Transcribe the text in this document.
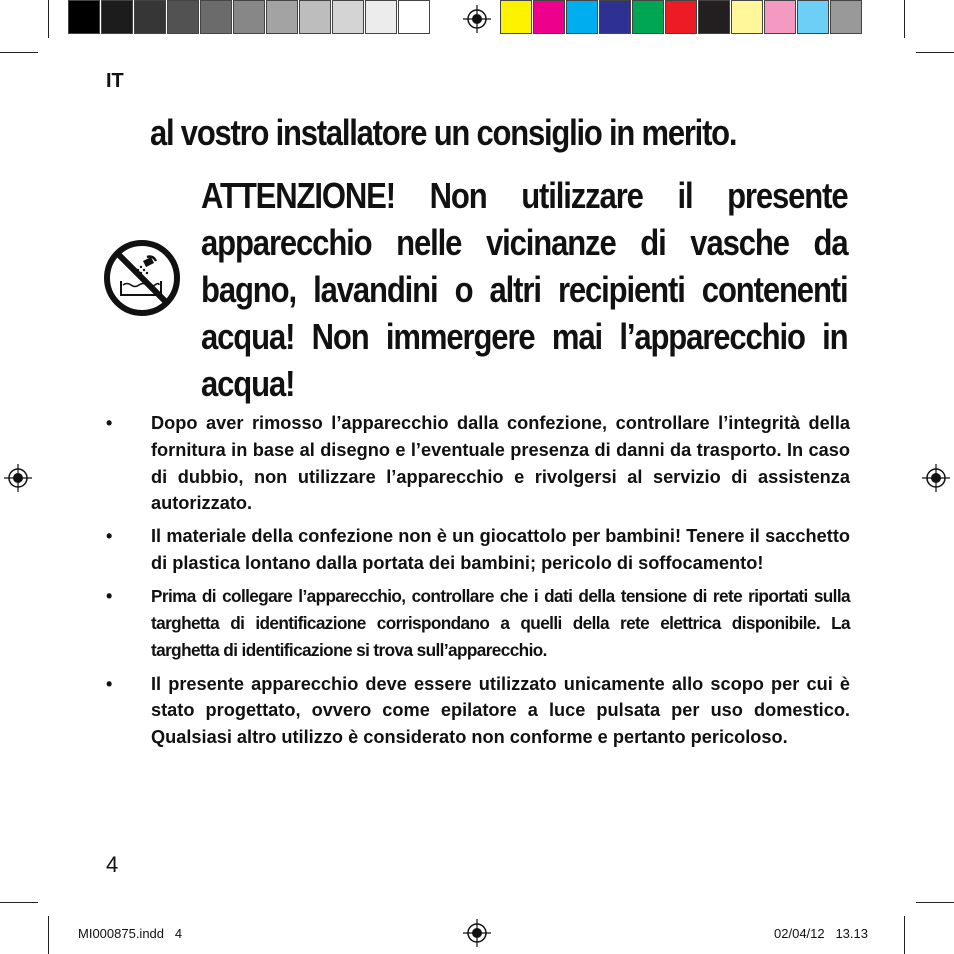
IT
al vostro installatore un consiglio in merito.
ATTENZIONE! Non utilizzare il presente apparecchio nelle vicinanze di vasche da bagno, lavandini o altri recipienti contenenti acqua! Non immergere mai l’apparecchio in acqua!
•	Dopo aver rimosso l’apparecchio dalla confezione, controllare l’integrità della fornitura in base al disegno e l’eventuale presenza di danni da trasporto. In caso di dubbio, non utilizzare l’apparecchio e rivolgersi al servizio di assistenza autorizzato.
•	Il materiale della confezione non è un giocattolo per bambini! Tenere il sacchetto di plastica lontano dalla portata dei bambini; pericolo di soffocamento!
•	Prima di collegare l’apparecchio, controllare che i dati della tensione di rete riportati sulla targhetta di identificazione corrispondano a quelli della rete elettrica disponibile. La targhetta di identificazione si trova sull’apparecchio.
•	Il presente apparecchio deve essere utilizzato unicamente allo scopo per cui è stato progettato, ovvero come epilatore a luce pulsata per uso domestico. Qualsiasi altro utilizzo è considerato non conforme e pertanto pericoloso.
4
MI000875.indd   4	02/04/12   13.13
